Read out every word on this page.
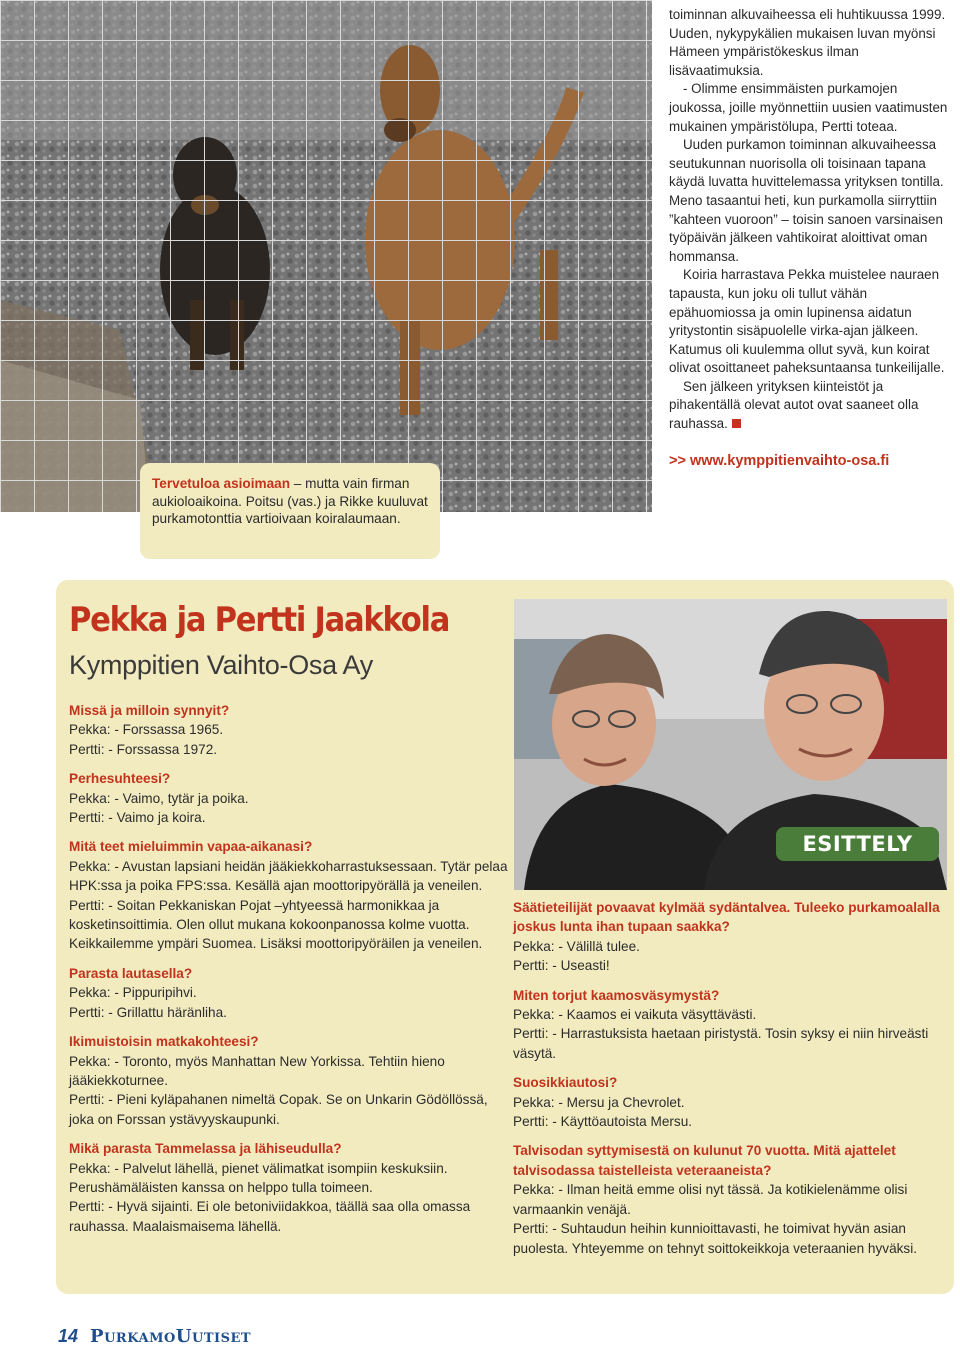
Tervetuloa asioimaan – mutta vain firman aukioloaikoina. Poitsu (vas.) ja Rikke kuuluvat purkamotonttia vartioivaan koiralaumaan.

toiminnan alkuvaiheessa eli huhtikuussa 1999. Uuden, nykypykälien mukaisen luvan myönsi Hämeen ympäristökeskus ilman lisävaatimuksia.

- Olimme ensimmäisten purkamojen joukossa, joille myönnettiin uusien vaatimusten mukainen ympäristölupa, Pertti toteaa.

Uuden purkamon toiminnan alkuvaiheessa seutukunnan nuorisolla oli toisinaan tapana käydä luvatta huvittelemassa yrityksen tontilla. Meno tasaantui heti, kun purkamolla siirryttiin ”kahteen vuoroon” – toisin sanoen varsinaisen työpäivän jälkeen vahtikoirat aloittivat oman hommansa.

Koiria harrastava Pekka muistelee nauraen tapausta, kun joku oli tullut vähän epähuomiossa ja omin lupinensa aidatun yritystontin sisäpuolelle virka-ajan jälkeen. Katumus oli kuulemma ollut syvä, kun koirat olivat osoittaneet paheksuntaansa tunkeilijalle.

Sen jälkeen yrityksen kiinteistöt ja pihakentällä olevat autot ovat saaneet olla rauhassa.

>> www.kymppitienvaihto-osa.fi
Pekka ja Pertti Jaakkola
Kymppitien Vaihto-Osa Ay
Missä ja milloin synnyit?
Pekka: - Forssassa 1965.
Pertti: - Forssassa 1972.
Perhesuhteesi?
Pekka: - Vaimo, tytär ja poika.
Pertti: - Vaimo ja koira.
Mitä teet mieluimmin vapaa-aikanasi?
Pekka: - Avustan lapsiani heidän jääkiekkoharrastuksessaan. Tytär pelaa HPK:ssa ja poika FPS:ssa. Kesällä ajan moottoripyörällä ja veneilen.
Pertti: - Soitan Pekkaniskan Pojat –yhtyeessä harmonikkaa ja kosketinsoittimia. Olen ollut mukana kokoonpanossa kolme vuotta. Keikkailemme ympäri Suomea. Lisäksi moottoripyöräilen ja veneilen.
Parasta lautasella?
Pekka: - Pippuripihvi.
Pertti: - Grillattu häränliha.
Ikimuistoisin matkakohteesi?
Pekka: - Toronto, myös Manhattan New Yorkissa. Tehtiin hieno jääkiekkoturnee.
Pertti: - Pieni kyläpahanen nimeltä Copak. Se on Unkarin Gödöllössä, joka on Forssan ystävyyskaupunki.
Mikä parasta Tammelassa ja lähiseudulla?
Pekka: - Palvelut lähellä, pienet välimatkat isompiin keskuksiin. Perushämäläisten kanssa on helppo tulla toimeen.
Pertti: - Hyvä sijainti. Ei ole betoniviidakkoa, täällä saa olla omassa rauhassa. Maalaismaisema lähellä.
ESITTELY
Säätieteilijät povaavat kylmää sydäntalvea. Tuleeko purkamoalalla joskus lunta ihan tupaan saakka?
Pekka: - Välillä tulee.
Pertti: - Useasti!
Miten torjut kaamosväsymystä?
Pekka: - Kaamos ei vaikuta väsyttävästi.
Pertti: - Harrastuksista haetaan piristystä. Tosin syksy ei niin hirveästi väsytä.
Suosikkiautosi?
Pekka: - Mersu ja Chevrolet.
Pertti: - Käyttöautoista Mersu.
Talvisodan syttymisestä on kulunut 70 vuotta. Mitä ajattelet talvisodassa taistelleista veteraaneista?
Pekka: - Ilman heitä emme olisi nyt tässä. Ja kotikielenämme olisi varmaankin venäjä.
Pertti: - Suhtaudun heihin kunnioittavasti, he toimivat hyvän asian puolesta. Yhteyemme on tehnyt soittokeikkoja veteraanien hyväksi.
14 PurkamoUutiset
